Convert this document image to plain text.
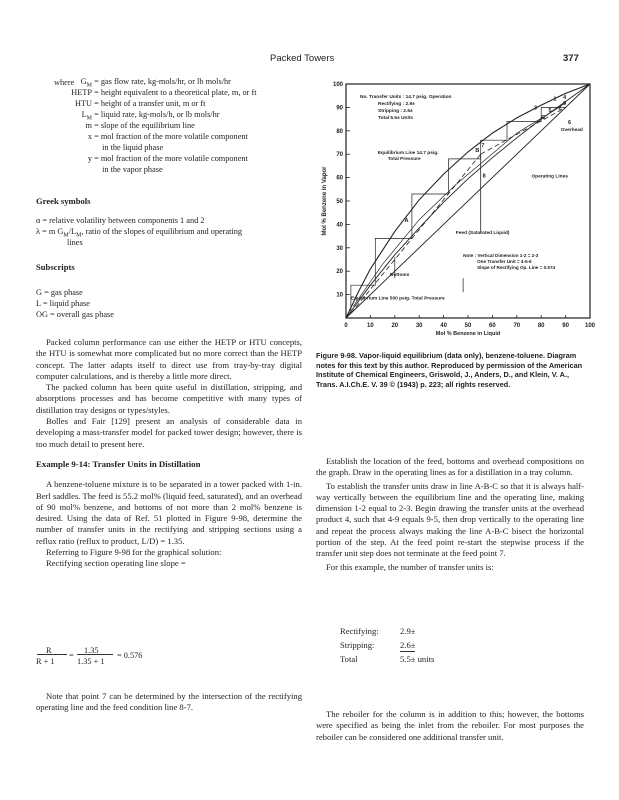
Packed Towers	377
where $G_M$ = gas flow rate, kg-mols/hr, or lb mols/hr
HETP = height equivalent to a theoretical plate, m, or ft
HTU = height of a transfer unit, m or ft
$L_M$ = liquid rate, kg-mols/h, or lb mols/hr
m = slope of the equilibrium line
x = mol fraction of the more volatile component
in the liquid phase
y = mol fraction of the more volatile component
in the vapor phase
Greek symbols
α = relative volatility between components 1 and 2
λ = m $G_M/L_M$, ratio of the slopes of equilibrium and operating
lines
Subscripts
G = gas phase
L = liquid phase
OG = overall gas phase

Packed column performance can use either the HETP or HTU concepts, the HTU is somewhat more complicated but no more correct than the HETP concept. The latter adapts itself to direct use from tray-by-tray digital computer calculations, and is thereby a little more direct.

The packed column has been quite useful in distillation, stripping, and absorptions processes and has become competitive with many types of distillation tray designs or types/styles.

Bolles and Fair [129] present an analysis of considerable data in developing a mass-transfer model for packed tower design; however, there is too much detail to present here.

Example 9-14: Transfer Units in Distillation

A benzene-toluene mixture is to be separated in a tower packed with 1-in. Berl saddles. The feed is 55.2 mol% (liquid feed, saturated), and an overhead of 90 mol% benzene, and bottoms of not more than 2 mol% benzene is desired. Using the data of Ref. 51 plotted in Figure 9-98, determine the number of transfer units in the rectifying and stripping sections using a reflux ratio (reflux to product, L/D) = 1.35.

Referring to Figure 9-98 for the graphical solution:

Rectifying section operating line slope =

R
R + 1
=
1.35
1.35 + 1
= 0.576

Note that point 7 can be determined by the intersection of the rectifying operating line and the feed condition line 8-7.

0	10	20	30	40	50	60	70	80	90	100
10
20
30
40
50
60
70
80
90
100
Mol % Benzene in Liquid
Mol % Benzene in Vapor
No. Transfer Units : 14.7 psig. Operation
Rectifying : 2.9±
Stripping : 2.6±
Total 5.5± Units
Equilibrium Line 14.7 psig.
Total Pressure
Operating Lines
Overhead
Feed (Saturated Liquid)
Note : Vertical Dimension 1-2 = 2-3
One Transfer Unit = 4-5-6
Slope of Rectifying Op. Line = 0.574
Bottoms
Equilibrium Line 500 psig. Total Pressure
A
B
C
1
2
3
4
5
6
7
8
9
Figure 9-98. Vapor-liquid equilibrium (data only), benzene-toluene. Diagram notes for this text by this author. Reproduced by permission of the American Institute of Chemical Engineers, Griswold, J., Anders, D., and Klein, V. A., Trans. A.I.Ch.E. V. 39 © (1943) p. 223; all rights reserved.

Establish the location of the feed, bottoms and overhead compositions on the graph. Draw in the operating lines as for a distillation in a tray column.

To establish the transfer units draw in line A-B-C so that it is always half-way vertically between the equilibrium line and the operating line, making dimension 1-2 equal to 2-3. Begin drawing the transfer units at the overhead product 4, such that 4-9 equals 9-5, then drop vertically to the operating line and repeat the process always making the line A-B-C bisect the horizontal portion of the step. At the feed point re-start the stepwise process if the transfer unit step does not terminate at the feed point 7.

For this example, the number of transfer units is:

Rectifying: 2.9±
Stripping:	2.6±
Total	5.5± units

The reboiler for the column is in addition to this; however, the bottoms were specified as being the inlet from the reboiler. For most purposes the reboiler can be considered one additional transfer unit.
